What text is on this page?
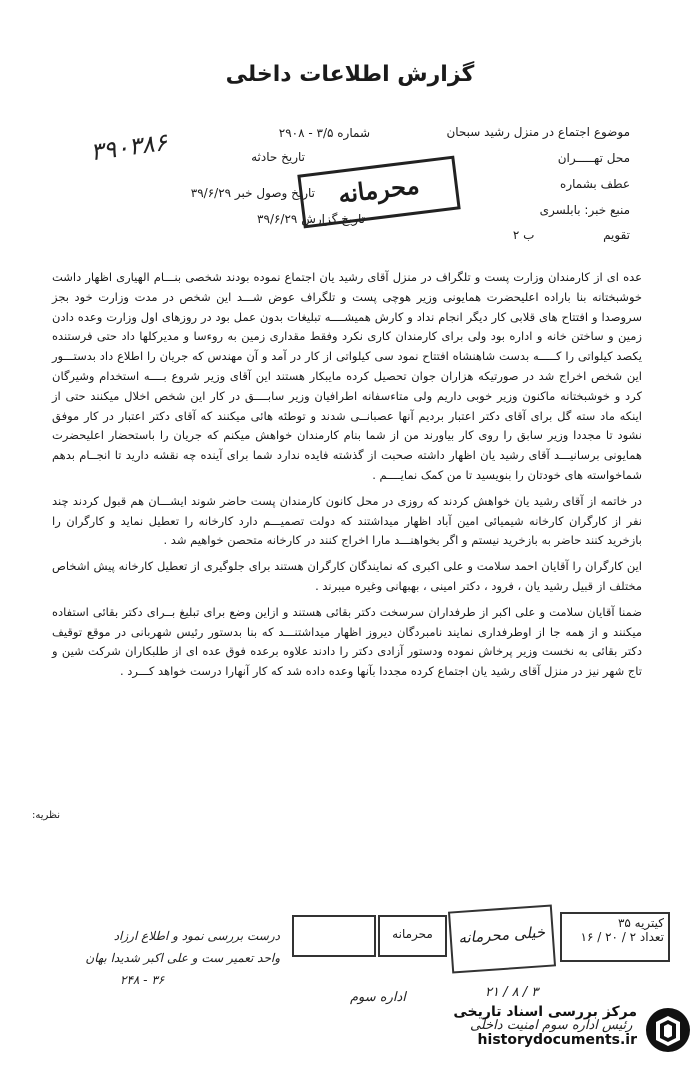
گزارش اطلاعات داخلی
موضوع اجتماع در منزل رشید سبحان
محل تهـــــران
عطف بشماره
منبع خبر: بابلسری
تقویم                  ب ۲
شماره ۳/۵ - ۲۹۰۸
تاریخ حادثه
تاریخ وصول خبر ۳۹/۶/۲۹
تاریخ گزارش ۳۹/۶/۲۹
۳۹۰۳۸۶
محرمانه

عده ای از کارمندان وزارت پست و تلگراف در منزل آقای رشید یان اجتماع نموده بودند شخصی بنـــام الهیاری اظهار داشت خوشبختانه بنا باراده اعلیحضرت همایونی وزیر هوچی پست و تلگراف عوض شـــد این شخص در مدت وزارت خود بجز سروصدا و افتتاح های قلابی کار دیگر انجام نداد و کارش همیشــــه تبلیغات بدون عمل بود در روزهای اول وزارت وعده دادن زمین و ساختن خانه و اداره بود ولی برای کارمندان کاری نکرد وفقط مقداری زمین به روءسا و مدیرکلها داد حتی فرستنده یکصد کیلواتی را کـــــه بدست شاهنشاه افتتاح نمود سی کیلواتی از کار در آمد و آن مهندس که جریان را اطلاع داد بدستـــور این شخص اخراج شد در صورتیکه هزاران جوان تحصیل کرده مایبکار هستند این آقای وزیر شروع بــــه استخدام وشیرگان کرد و خوشبختانه ماکنون وزیر خوبی داریم ولی متاءسفانه اطرافیان وزیر سابــــق در کار این شخص اخلال میکنند حتی از اینکه ماد سته گل برای آقای دکتر اعتبار بردیم آنها عصبانــی شدند و توطئه هائی میکنند که آقای دکتر اعتبار در کار موفق نشود تا مجددا وزیر سابق را روی کار بیاورند من از شما بنام کارمندان خواهش میکنم که جریان را باستحضار اعلیحضرت همایونی برسانیـــد آقای رشید یان اظهار داشته صحبت از گذشته فایده ندارد شما برای آینده چه نقشه دارید تا انجــام بدهم شماخواسته های خودتان را بنویسید تا من کمک نمایــــم .

در خاتمه از آقای رشید یان خواهش کردند که روزی در محل کانون کارمندان پست حاضر شوند ایشـــان هم قبول کردند چند نفر از کارگران کارخانه شیمیائی امین آباد اظهار میداشتند که دولت تصمیـــم دارد کارخانه را تعطیل نماید و کارگران را بازخرید کنند حاضر به بازخرید نیستم و اگر بخواهنـــد مارا اخراج کنند در کارخانه متحصن خواهیم شد .

این کارگران را آقایان احمد سلامت و علی اکبری که نمایندگان کارگران هستند برای جلوگیری از تعطیل کارخانه پیش اشخاص مختلف از قبیل رشید یان ، فرود ، دکتر امینی ، بهبهانی وغیره میبرند .

ضمنا آقایان سلامت و علی اکبر از طرفداران سرسخت دکتر بقائی هستند و ازاین وضع برای تبلیغ بــرای دکتر بقائی استفاده میکنند و از همه جا از اوطرفداری نمایند نامبردگان دیروز اظهار میداشتنـــد که بنا بدستور رئیس شهربانی در موقع توقیف دکتر بقائی به نخست وزیر پرخاش نموده ودستور آزادی دکتر را دادند علاوه برعده فوق عده ای از طلبکاران شرکت شین و تاج شهر نیز در منزل آقای رشید یان اجتماع کرده مجددا بآنها وعده داده شد که کار آنهارا درست خواهد کـــرد .

نظریه:
درست بررسی نمود و اطلاع ارزاد
واحد تعمیر ست و علی اکبر شدیدا بهان
۳۶ - ۲۴۸
محرمانه	خیلی محرمانه
کیتریه ۳۵
تعداد ۲ / ۲۰ / ۱۶
۳ / ۸ / ۲۱
اداره سوم
رئیس اداره سوم امنیت داخلی
مرکز بررسی اسناد تاریخی
historydocuments.ir
